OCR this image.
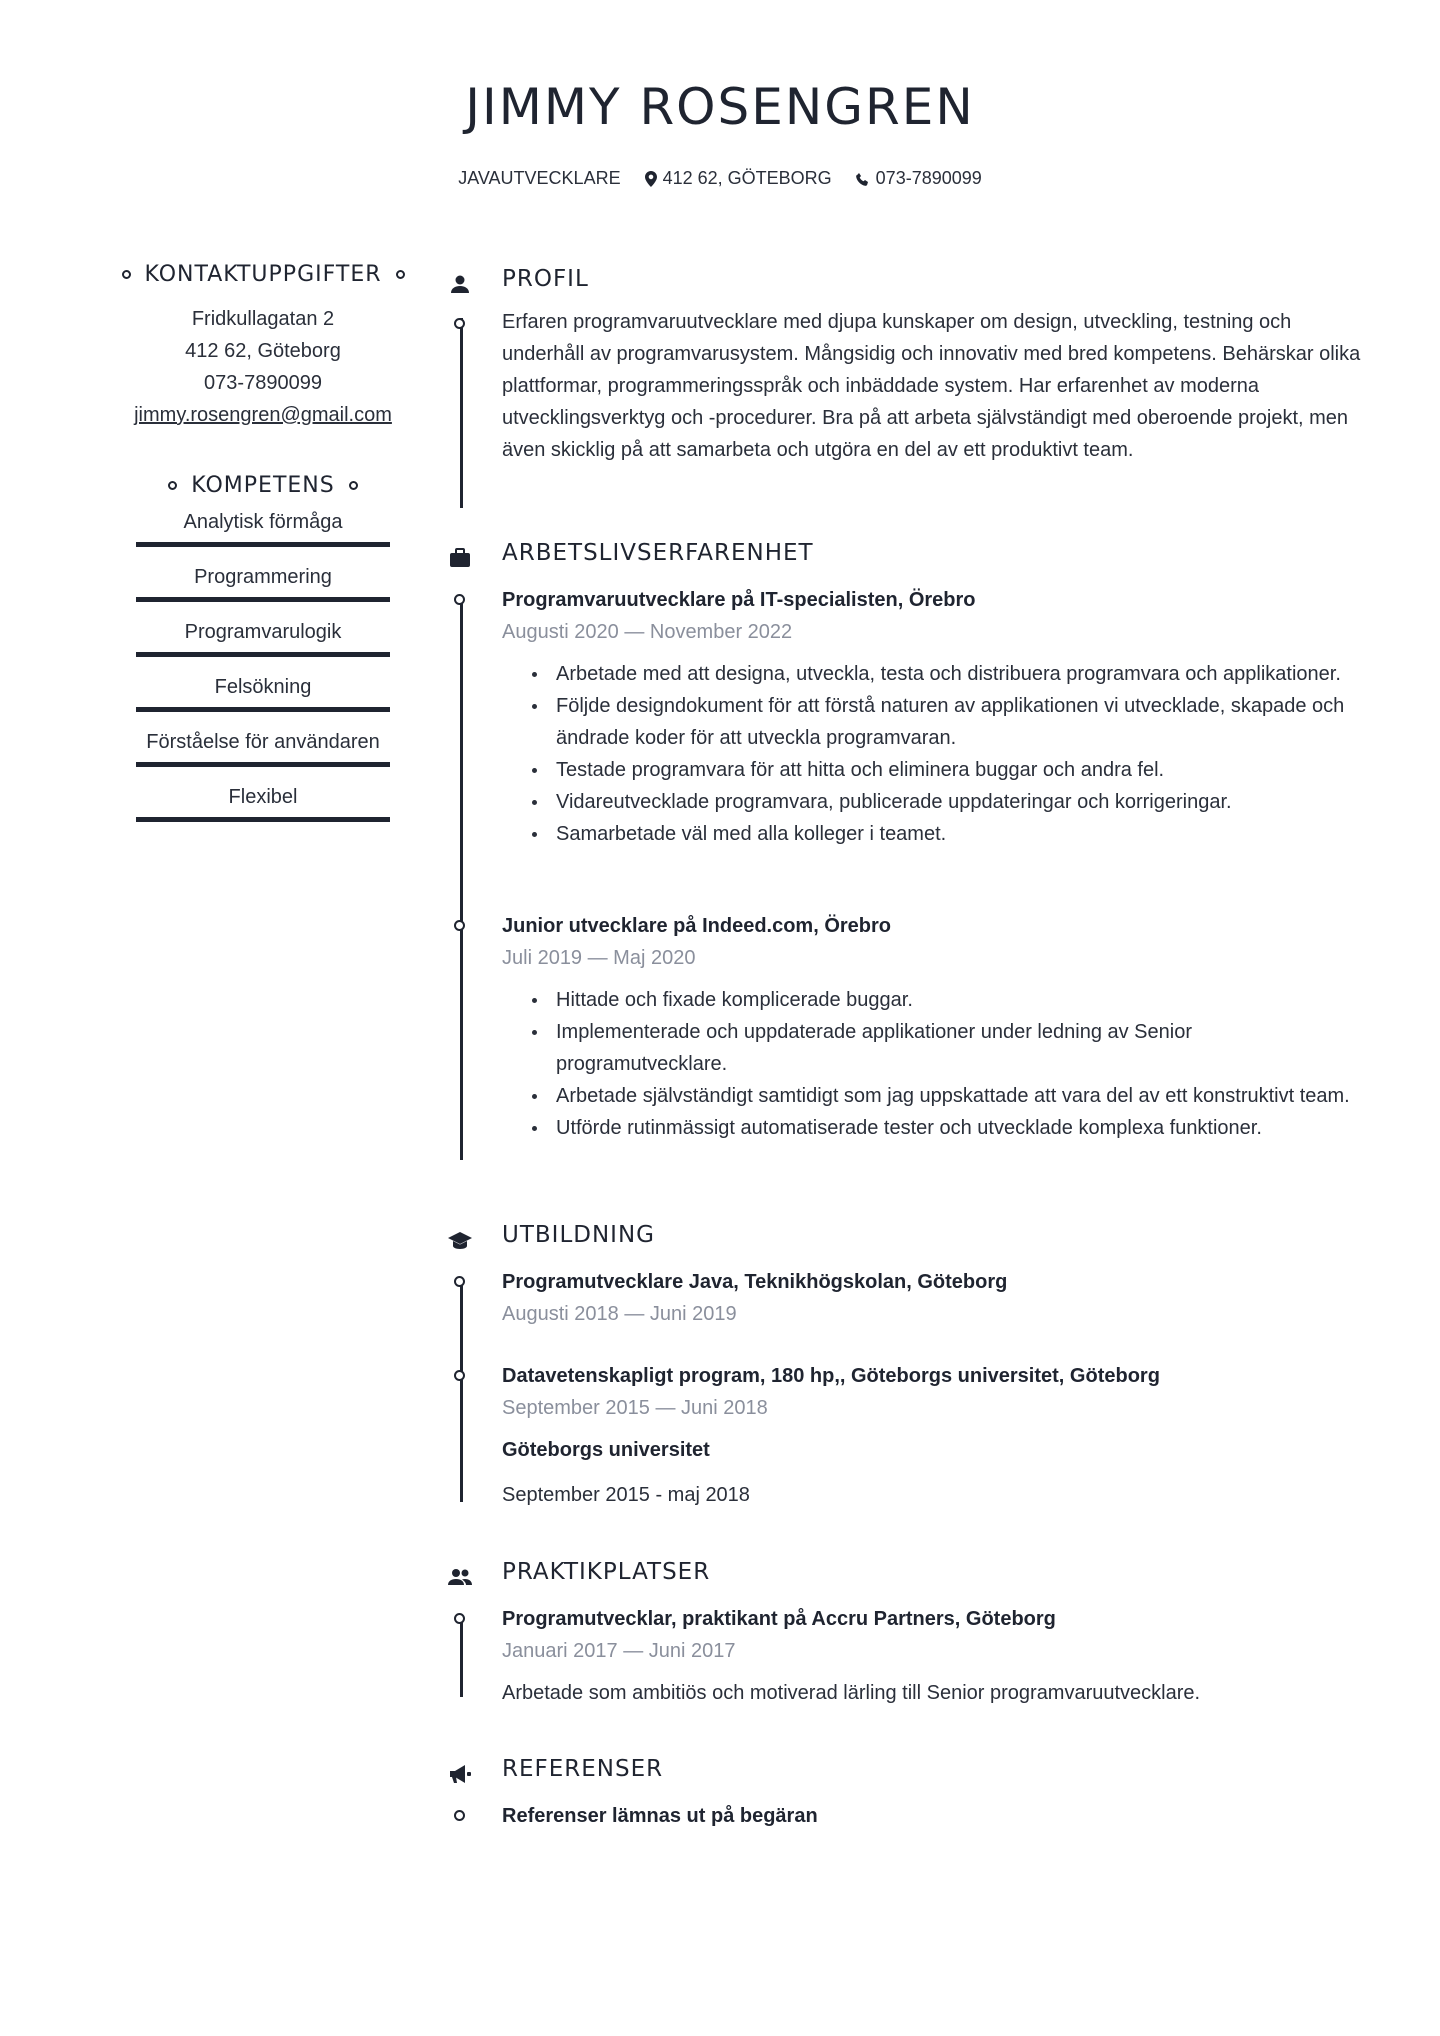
JIMMY ROSENGREN
JAVAUTVECKLARE 412 62, GÖTEBORG 073-7890099
KONTAKTUPPGIFTER
Fridkullagatan 2
412 62, Göteborg
073-7890099
jimmy.rosengren@gmail.com
KOMPETENS
Analytisk förmåga
Programmering
Programvarulogik
Felsökning
Förståelse för användaren
Flexibel
PROFIL
Erfaren programvaruutvecklare med djupa kunskaper om design, utveckling, testning och underhåll av programvarusystem. Mångsidig och innovativ med bred kompetens. Behärskar olika plattformar, programmeringsspråk och inbäddade system. Har erfarenhet av moderna utvecklingsverktyg och -procedurer. Bra på att arbeta självständigt med oberoende projekt, men även skicklig på att samarbeta och utgöra en del av ett produktivt team.
ARBETSLIVSERFARENHET
Programvaruutvecklare på IT-specialisten, Örebro
Augusti 2020 — November 2022
Arbetade med att designa, utveckla, testa och distribuera programvara och applikationer.
Följde designdokument för att förstå naturen av applikationen vi utvecklade, skapade och ändrade koder för att utveckla programvaran.
Testade programvara för att hitta och eliminera buggar och andra fel.
Vidareutvecklade programvara, publicerade uppdateringar och korrigeringar.
Samarbetade väl med alla kolleger i teamet.
Junior utvecklare på Indeed.com, Örebro
Juli 2019 — Maj 2020
Hittade och fixade komplicerade buggar.
Implementerade och uppdaterade applikationer under ledning av Senior programutvecklare.
Arbetade självständigt samtidigt som jag uppskattade att vara del av ett konstruktivt team.
Utförde rutinmässigt automatiserade tester och utvecklade komplexa funktioner.
UTBILDNING
Programutvecklare Java, Teknikhögskolan, Göteborg
Augusti 2018 — Juni 2019
Datavetenskapligt program, 180 hp,, Göteborgs universitet, Göteborg
September 2015 — Juni 2018
Göteborgs universitet
September 2015 - maj 2018
PRAKTIKPLATSER
Programutvecklar, praktikant på Accru Partners, Göteborg
Januari 2017 — Juni 2017
Arbetade som ambitiös och motiverad lärling till Senior programvaruutvecklare.
REFERENSER
Referenser lämnas ut på begäran
